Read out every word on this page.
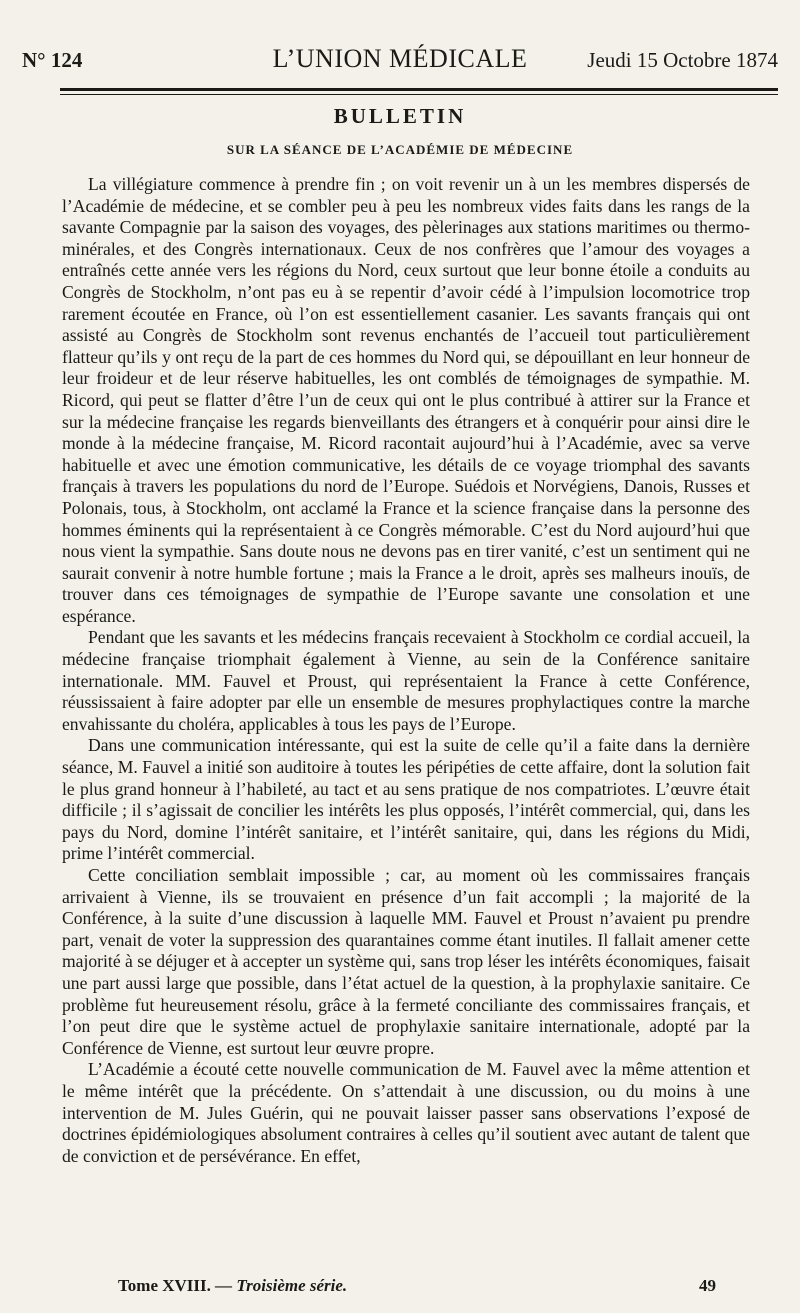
N° 124	L’UNION MÉDICALE	Jeudi 15 Octobre 1874
BULLETIN
SUR LA SÉANCE DE L’ACADÉMIE DE MÉDECINE

La villégiature commence à prendre fin ; on voit revenir un à un les membres dispersés de l’Académie de médecine, et se combler peu à peu les nombreux vides faits dans les rangs de la savante Compagnie par la saison des voyages, des pèlerinages aux stations maritimes ou thermo-minérales, et des Congrès internationaux. Ceux de nos confrères que l’amour des voyages a entraînés cette année vers les régions du Nord, ceux surtout que leur bonne étoile a conduits au Congrès de Stockholm, n’ont pas eu à se repentir d’avoir cédé à l’impulsion locomotrice trop rarement écoutée en France, où l’on est essentiellement casanier. Les savants français qui ont assisté au Congrès de Stockholm sont revenus enchantés de l’accueil tout particulièrement flatteur qu’ils y ont reçu de la part de ces hommes du Nord qui, se dépouillant en leur honneur de leur froideur et de leur réserve habituelles, les ont comblés de témoignages de sympathie. M. Ricord, qui peut se flatter d’être l’un de ceux qui ont le plus contribué à attirer sur la France et sur la médecine française les regards bienveillants des étrangers et à conquérir pour ainsi dire le monde à la médecine française, M. Ricord racontait aujourd’hui à l’Académie, avec sa verve habituelle et avec une émotion communicative, les détails de ce voyage triomphal des savants français à travers les populations du nord de l’Europe. Suédois et Norvégiens, Danois, Russes et Polonais, tous, à Stockholm, ont acclamé la France et la science française dans la personne des hommes éminents qui la représentaient à ce Congrès mémorable. C’est du Nord aujourd’hui que nous vient la sympathie. Sans doute nous ne devons pas en tirer vanité, c’est un sentiment qui ne saurait convenir à notre humble fortune ; mais la France a le droit, après ses malheurs inouïs, de trouver dans ces témoignages de sympathie de l’Europe savante une consolation et une espérance.

Pendant que les savants et les médecins français recevaient à Stockholm ce cordial accueil, la médecine française triomphait également à Vienne, au sein de la Conférence sanitaire internationale. MM. Fauvel et Proust, qui représentaient la France à cette Conférence, réussissaient à faire adopter par elle un ensemble de mesures prophylactiques contre la marche envahissante du choléra, applicables à tous les pays de l’Europe.

Dans une communication intéressante, qui est la suite de celle qu’il a faite dans la dernière séance, M. Fauvel a initié son auditoire à toutes les péripéties de cette affaire, dont la solution fait le plus grand honneur à l’habileté, au tact et au sens pratique de nos compatriotes. L’œuvre était difficile ; il s’agissait de concilier les intérêts les plus opposés, l’intérêt commercial, qui, dans les pays du Nord, domine l’intérêt sanitaire, et l’intérêt sanitaire, qui, dans les régions du Midi, prime l’intérêt commercial.

Cette conciliation semblait impossible ; car, au moment où les commissaires français arrivaient à Vienne, ils se trouvaient en présence d’un fait accompli ; la majorité de la Conférence, à la suite d’une discussion à laquelle MM. Fauvel et Proust n’avaient pu prendre part, venait de voter la suppression des quarantaines comme étant inutiles. Il fallait amener cette majorité à se déjuger et à accepter un système qui, sans trop léser les intérêts économiques, faisait une part aussi large que possible, dans l’état actuel de la question, à la prophylaxie sanitaire. Ce problème fut heureusement résolu, grâce à la fermeté conciliante des commissaires français, et l’on peut dire que le système actuel de prophylaxie sanitaire internationale, adopté par la Conférence de Vienne, est surtout leur œuvre propre.

L’Académie a écouté cette nouvelle communication de M. Fauvel avec la même attention et le même intérêt que la précédente. On s’attendait à une discussion, ou du moins à une intervention de M. Jules Guérin, qui ne pouvait laisser passer sans observations l’exposé de doctrines épidémiologiques absolument contraires à celles qu’il soutient avec autant de talent que de conviction et de persévérance. En effet,

Tome XVIII. — Troisième série.	49
